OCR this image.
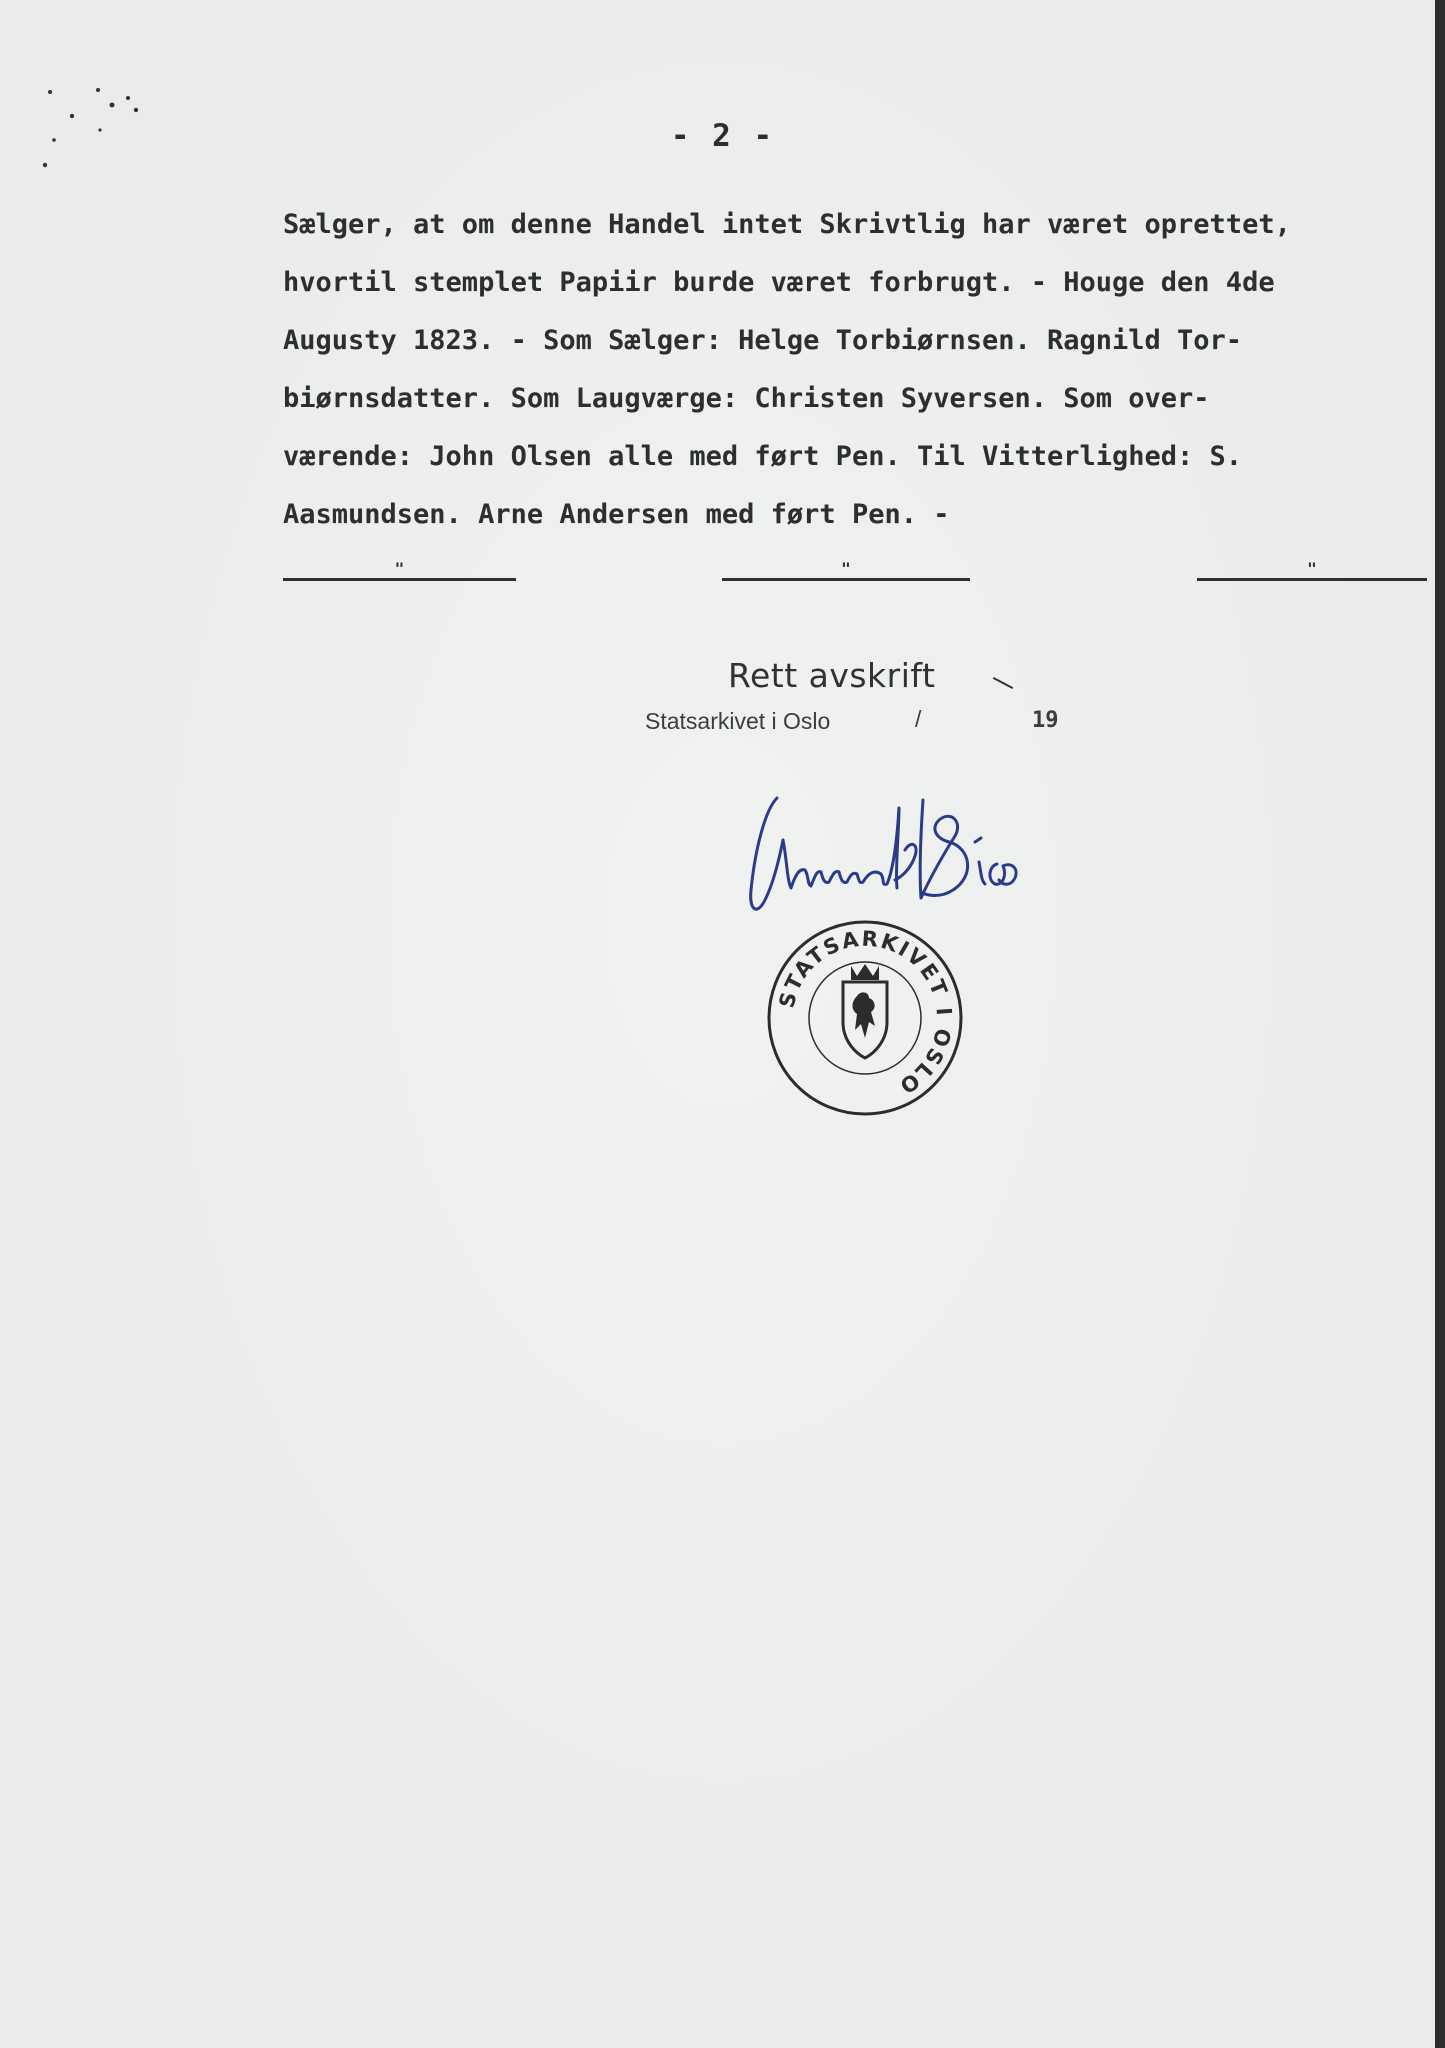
- 2 -
Sælger, at om denne Handel intet Skrivtlig har været oprettet,
hvortil stemplet Papiir burde været forbrugt. - Houge den 4de
Augusty 1823. - Som Sælger: Helge Torbiørnsen. Ragnild Tor-
biørnsdatter. Som Laugværge: Christen Syversen. Som over-
værende: John Olsen alle med ført Pen. Til Vitterlighed: S.
Aasmundsen. Arne Andersen med ført Pen. -
"	"	"
Rett avskrift
Statsarkivet i Oslo	/	19
STATSARKIVET I OSLO
